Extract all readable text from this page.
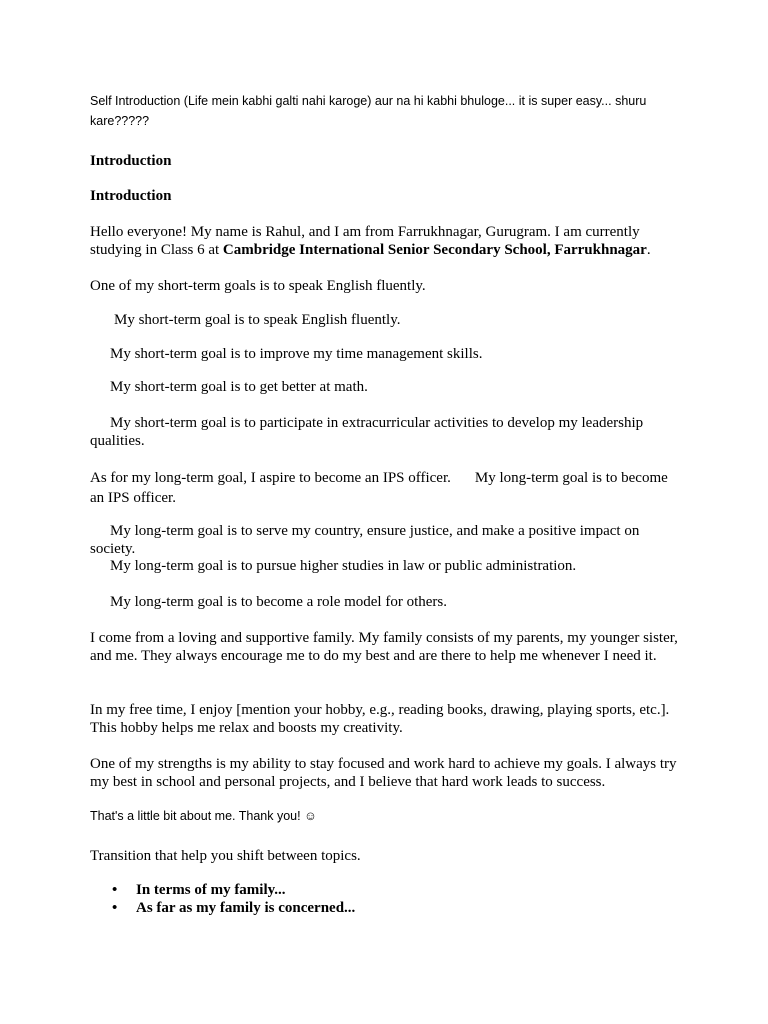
Self Introduction (Life mein kabhi galti nahi karoge) aur na hi kabhi bhuloge... it is super easy... shuru kare?????

Introduction

Introduction

Hello everyone! My name is Rahul, and I am from Farrukhnagar, Gurugram. I am currently studying in Class 6 at Cambridge International Senior Secondary School, Farrukhnagar.

One of my short-term goals is to speak English fluently.

My short-term goal is to speak English fluently.

My short-term goal is to improve my time management skills.

My short-term goal is to get better at math.

My short-term goal is to participate in extracurricular activities to develop my leadership qualities.

As for my long-term goal, I aspire to become an IPS officer. My long-term goal is to become an IPS officer.

My long-term goal is to serve my country, ensure justice, and make a positive impact on society.

My long-term goal is to pursue higher studies in law or public administration.

My long-term goal is to become a role model for others.

I come from a loving and supportive family. My family consists of my parents, my younger sister, and me. They always encourage me to do my best and are there to help me whenever I need it.

In my free time, I enjoy [mention your hobby, e.g., reading books, drawing, playing sports, etc.]. This hobby helps me relax and boosts my creativity.

One of my strengths is my ability to stay focused and work hard to achieve my goals. I always try my best in school and personal projects, and I believe that hard work leads to success.

That's a little bit about me. Thank you! ☺

Transition that help you shift between topics.

• In terms of my family...
• As far as my family is concerned...
